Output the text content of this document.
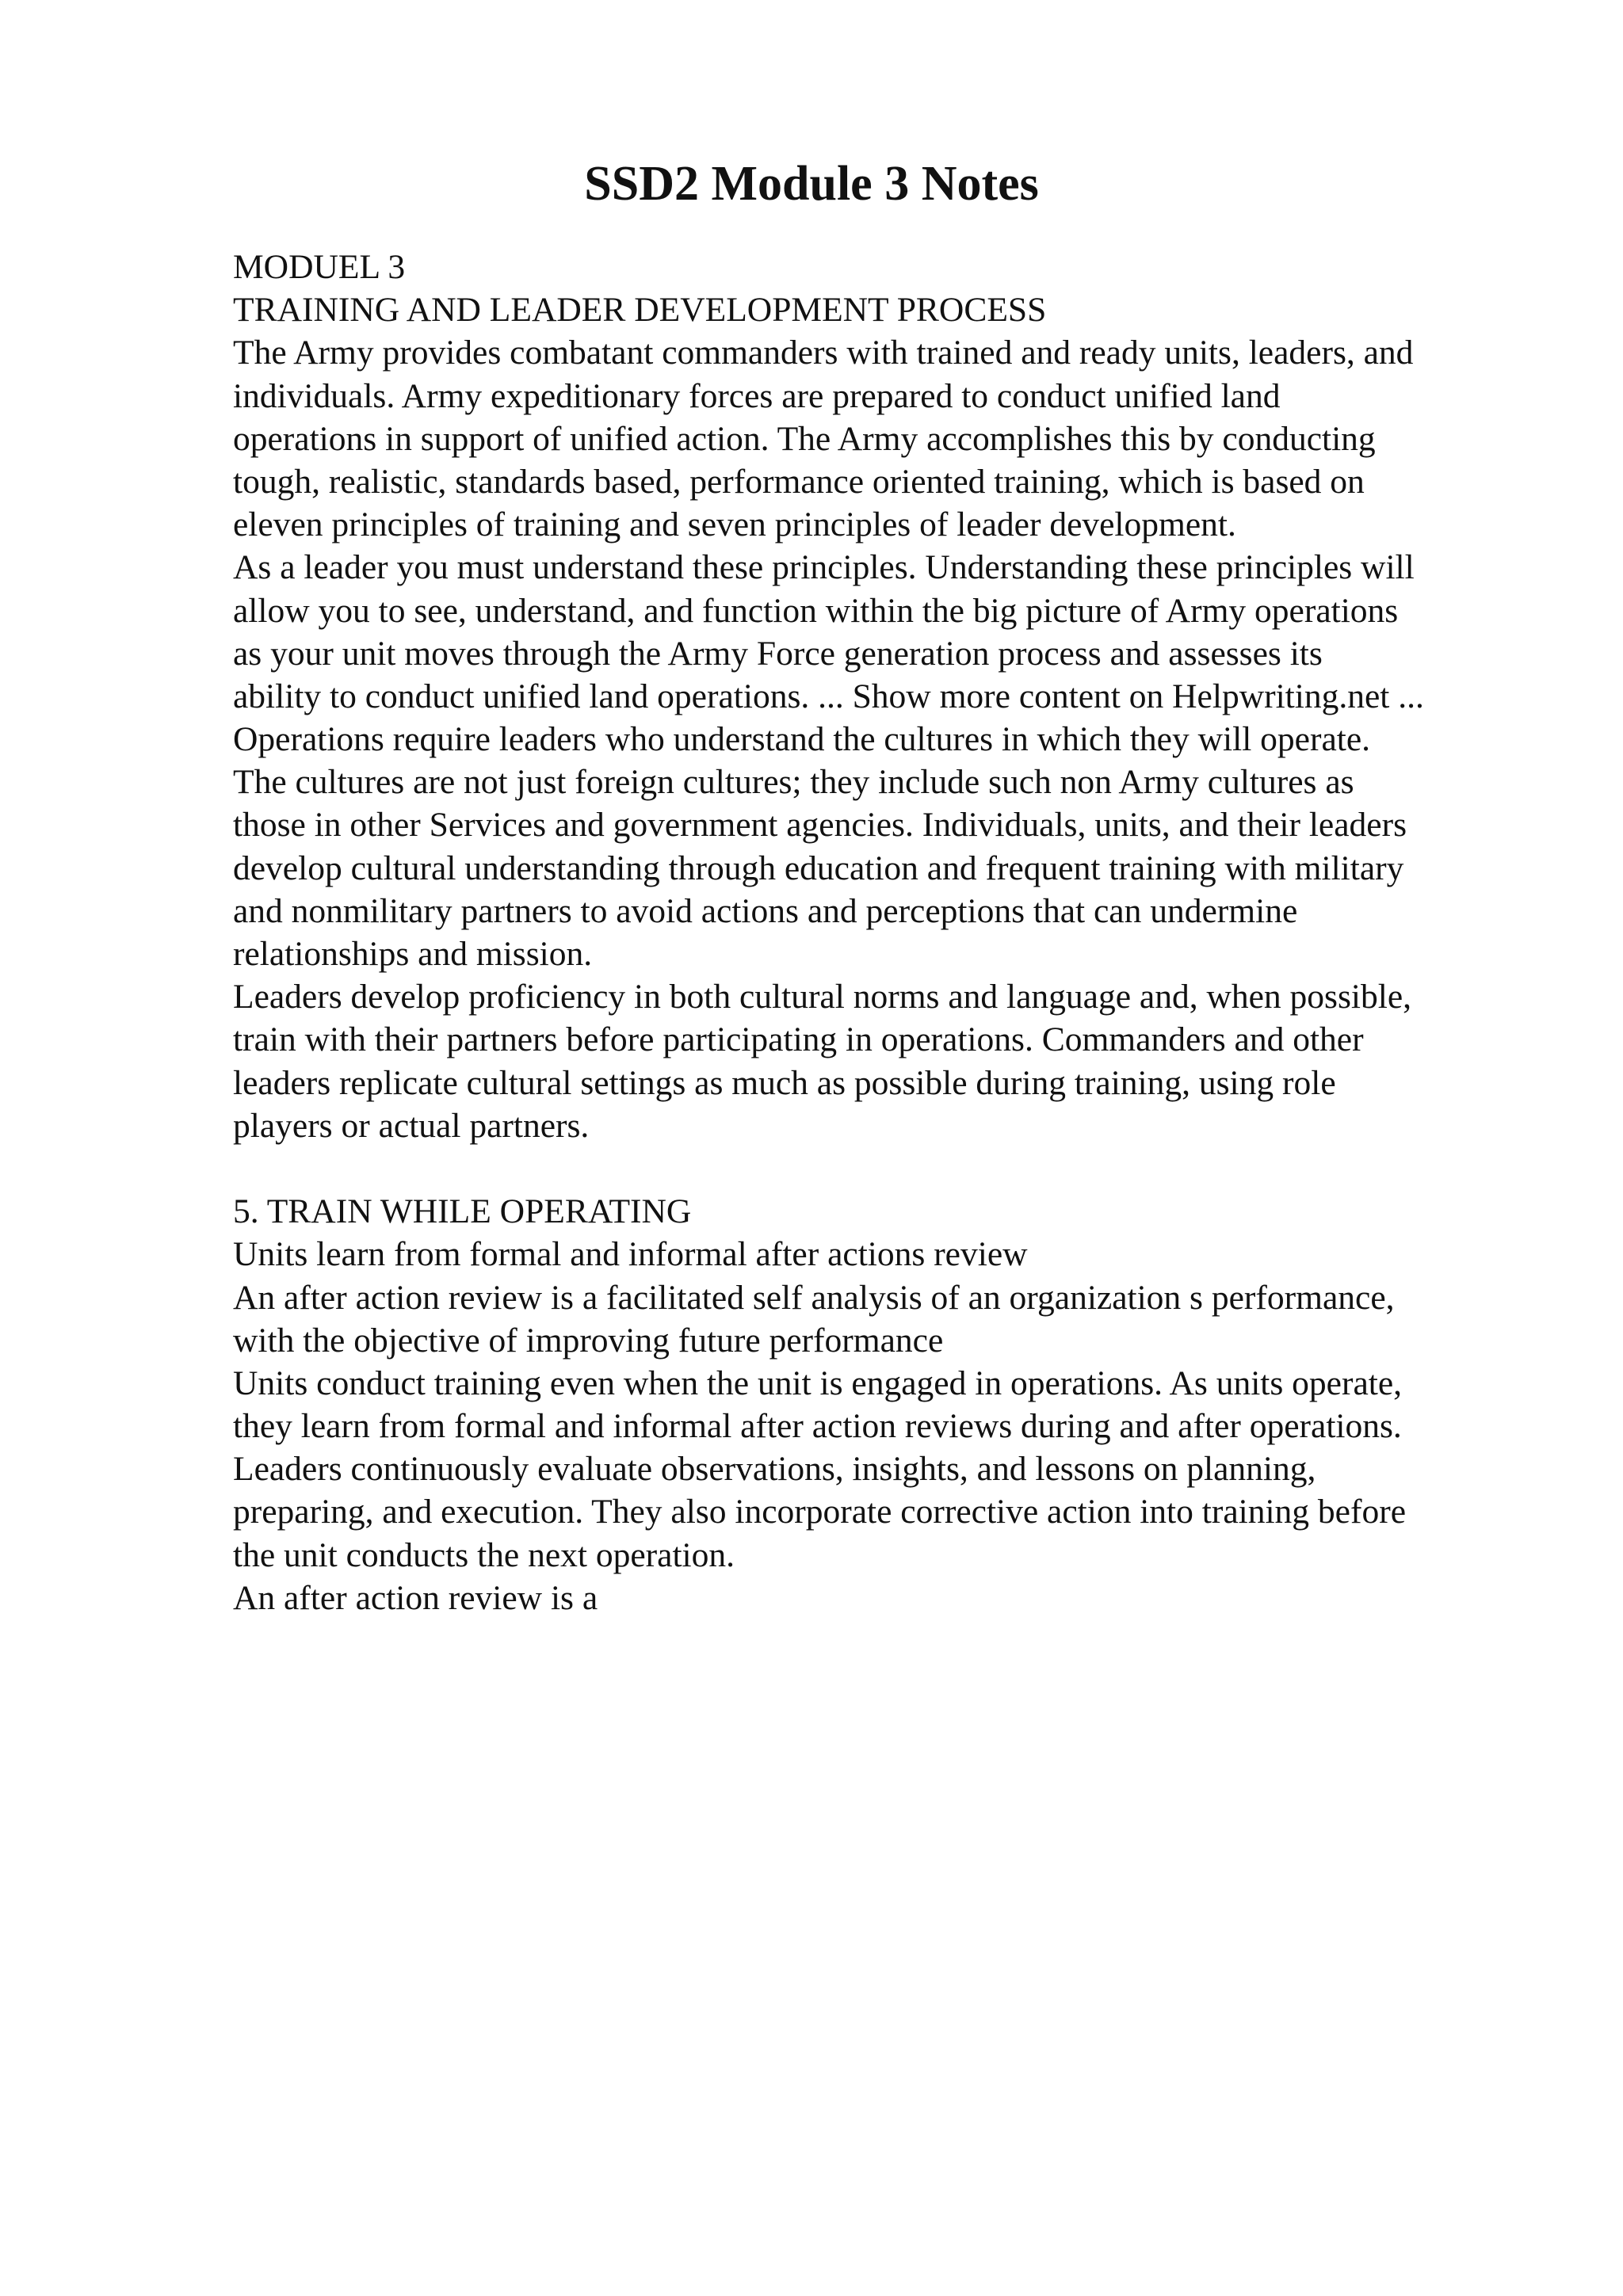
SSD2 Module 3 Notes
MODUEL 3
TRAINING AND LEADER DEVELOPMENT PROCESS
The Army provides combatant commanders with trained and ready units, leaders, and
individuals. Army expeditionary forces are prepared to conduct unified land
operations in support of unified action. The Army accomplishes this by conducting
tough, realistic, standards based, performance oriented training, which is based on
eleven principles of training and seven principles of leader development.
As a leader you must understand these principles. Understanding these principles will
allow you to see, understand, and function within the big picture of Army operations
as your unit moves through the Army Force generation process and assesses its
ability to conduct unified land operations. ... Show more content on Helpwriting.net ...
Operations require leaders who understand the cultures in which they will operate.
The cultures are not just foreign cultures; they include such non Army cultures as
those in other Services and government agencies. Individuals, units, and their leaders
develop cultural understanding through education and frequent training with military
and nonmilitary partners to avoid actions and perceptions that can undermine
relationships and mission.
Leaders develop proficiency in both cultural norms and language and, when possible,
train with their partners before participating in operations. Commanders and other
leaders replicate cultural settings as much as possible during training, using role
players or actual partners.
5. TRAIN WHILE OPERATING
Units learn from formal and informal after actions review
An after action review is a facilitated self analysis of an organization s performance,
with the objective of improving future performance
Units conduct training even when the unit is engaged in operations. As units operate,
they learn from formal and informal after action reviews during and after operations.
Leaders continuously evaluate observations, insights, and lessons on planning,
preparing, and execution. They also incorporate corrective action into training before
the unit conducts the next operation.
An after action review is a
